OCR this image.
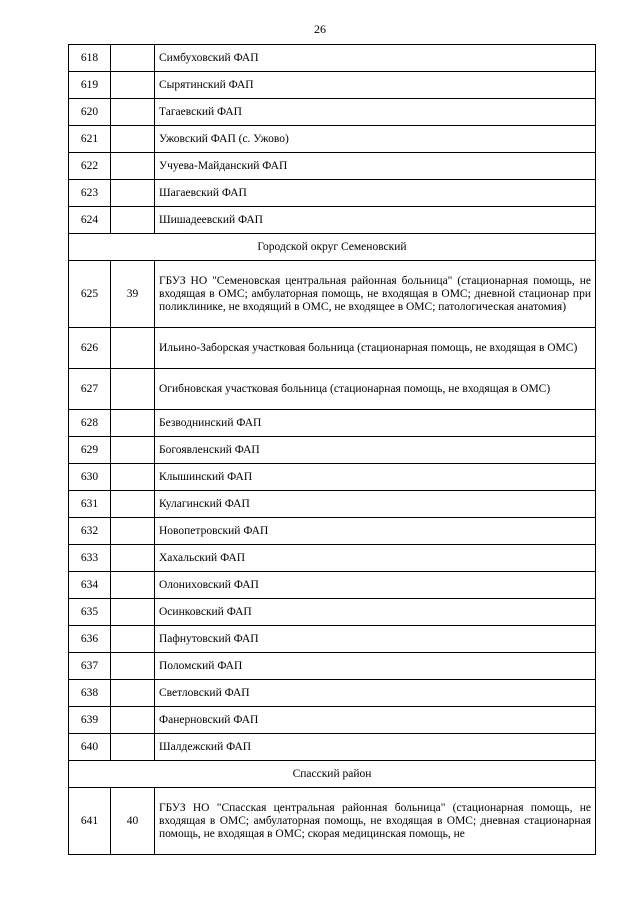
26
618		Симбуховский ФАП
619		Сырятинский ФАП
620		Тагаевский ФАП
621		Ужовский ФАП (с. Ужово)
622		Учуева-Майданский ФАП
623		Шагаевский ФАП
624		Шишадеевский ФАП
Городской округ Семеновский		
625	39	ГБУЗ НО "Семеновская центральная районная больница" (стационарная помощь, не входящая в ОМС; амбулаторная помощь, не входящая в ОМС; дневной стационар при поликлинике, не входящий в ОМС, не входящее в ОМС; патологическая анатомия)
626		Ильино-Заборская участковая больница (стационарная помощь, не входящая в ОМС)
627		Огибновская участковая больница (стационарная помощь, не входящая в ОМС)
628		Безводнинский ФАП
629		Богоявленский ФАП
630		Клышинский ФАП
631		Кулагинский ФАП
632		Новопетровский ФАП
633		Хахальский ФАП
634		Олонихoвский ФАП
635		Осинковский ФАП
636		Пафнутовский ФАП
637		Поломский ФАП
638		Светловский ФАП
639		Фанерновский ФАП
640		Шалдежский ФАП
Спасский район		
641	40	ГБУЗ НО "Спасская центральная районная больница" (стационарная помощь, не входящая в ОМС; амбулаторная помощь, не входящая в ОМС; дневная стационарная помощь, не входящая в ОМС; скорая медицинская помощь, не
